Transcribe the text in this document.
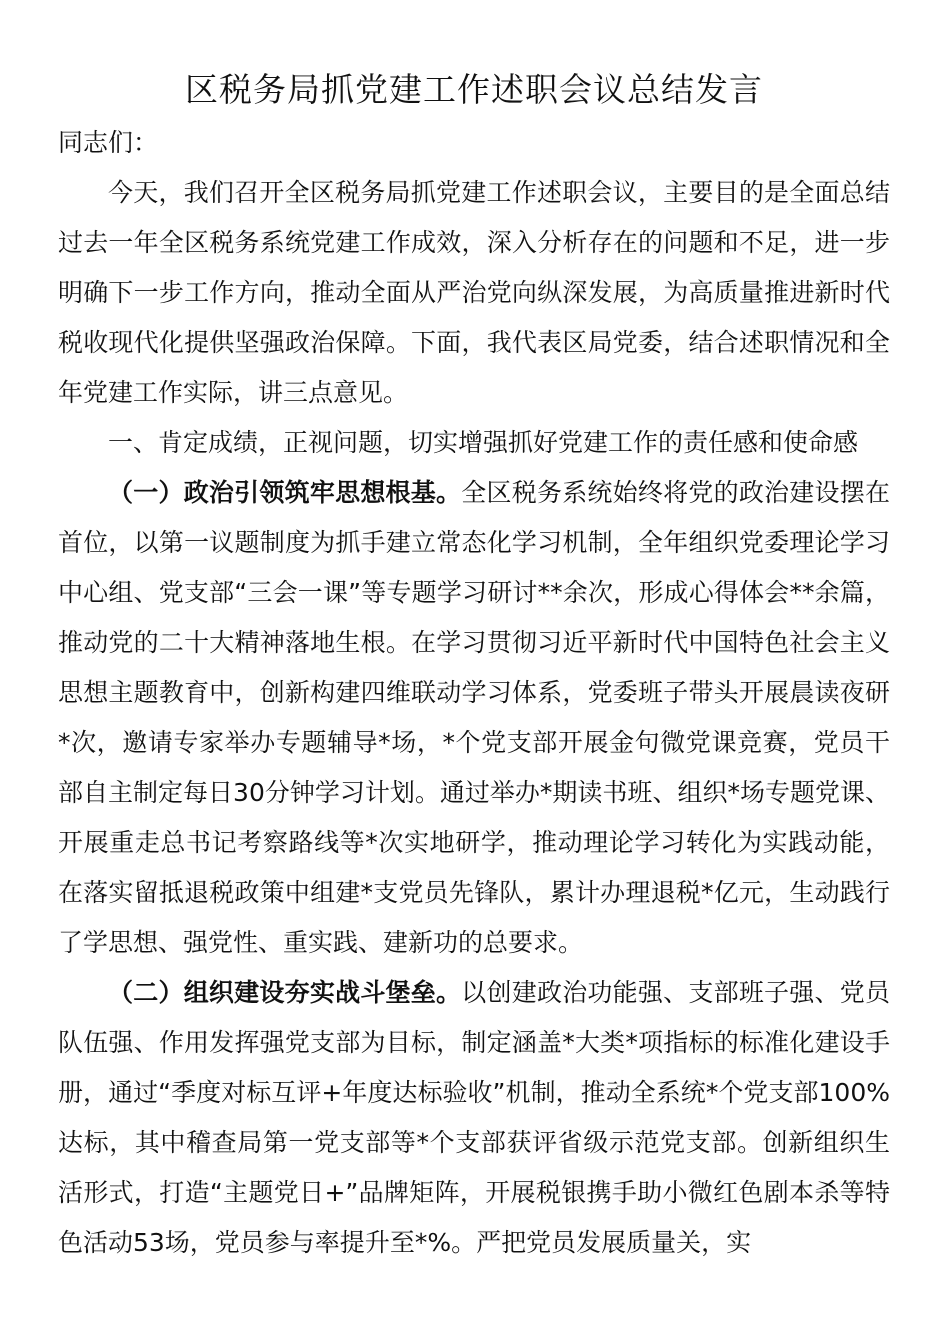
区税务局抓党建工作述职会议总结发言

同志们：

今天，我们召开全区税务局抓党建工作述职会议，主要目的是全面总结过去一年全区税务系统党建工作成效，深入分析存在的问题和不足，进一步明确下一步工作方向，推动全面从严治党向纵深发展，为高质量推进新时代税收现代化提供坚强政治保障。下面，我代表区局党委，结合述职情况和全年党建工作实际，讲三点意见。

一、肯定成绩，正视问题，切实增强抓好党建工作的责任感和使命感

（一）政治引领筑牢思想根基。全区税务系统始终将党的政治建设摆在首位，以第一议题制度为抓手建立常态化学习机制，全年组织党委理论学习中心组、党支部“三会一课”等专题学习研讨**余次，形成心得体会**余篇，推动党的二十大精神落地生根。在学习贯彻习近平新时代中国特色社会主义思想主题教育中，创新构建四维联动学习体系，党委班子带头开展晨读夜研*次，邀请专家举办专题辅导*场，*个党支部开展金句微党课竞赛，党员干部自主制定每日30分钟学习计划。通过举办*期读书班、组织*场专题党课、开展重走总书记考察路线等*次实地研学，推动理论学习转化为实践动能，在落实留抵退税政策中组建*支党员先锋队，累计办理退税*亿元，生动践行了学思想、强党性、重实践、建新功的总要求。

（二）组织建设夯实战斗堡垒。以创建政治功能强、支部班子强、党员队伍强、作用发挥强党支部为目标，制定涵盖*大类*项指标的标准化建设手册，通过“季度对标互评+年度达标验收”机制，推动全系统*个党支部100%达标，其中稽查局第一党支部等*个支部获评省级示范党支部。创新组织生活形式，打造“主题党日+”品牌矩阵，开展税银携手助小微红色剧本杀等特色活动53场，党员参与率提升至*%。严把党员发展质量关，实
